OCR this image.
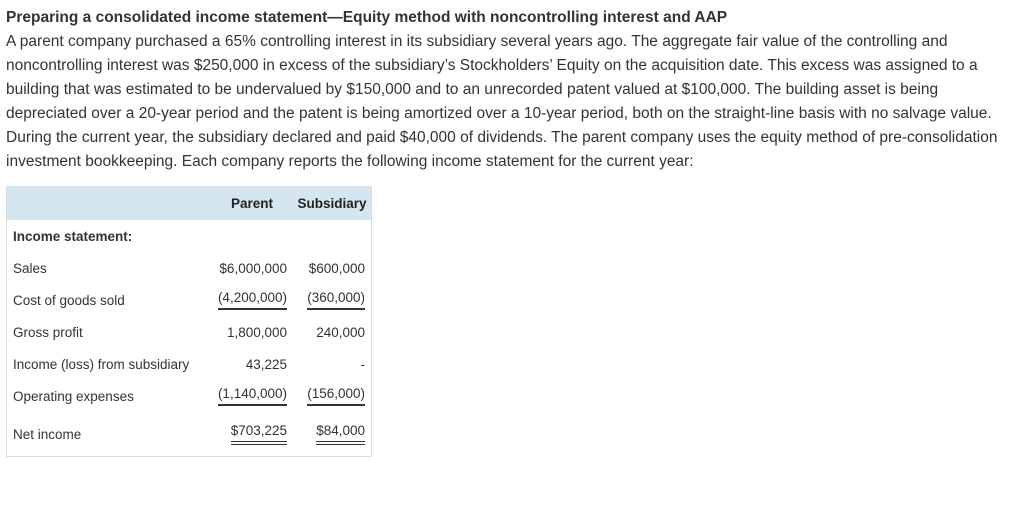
Preparing a consolidated income statement—Equity method with noncontrolling interest and AAP

A parent company purchased a 65% controlling interest in its subsidiary several years ago. The aggregate fair value of the controlling and noncontrolling interest was $250,000 in excess of the subsidiary’s Stockholders’ Equity on the acquisition date. This excess was assigned to a building that was estimated to be undervalued by $150,000 and to an unrecorded patent valued at $100,000. The building asset is being depreciated over a 20-year period and the patent is being amortized over a 10-year period, both on the straight-line basis with no salvage value. During the current year, the subsidiary declared and paid $40,000 of dividends. The parent company uses the equity method of pre-consolidation investment bookkeeping. Each company reports the following income statement for the current year:

	Parent	Subsidiary
Income statement:		
Sales	$6,000,000	$600,000
Cost of goods sold	(4,200,000)	(360,000)
Gross profit	1,800,000	240,000
Income (loss) from subsidiary	43,225	-
Operating expenses	(1,140,000)	(156,000)
Net income	$703,225	$84,000
